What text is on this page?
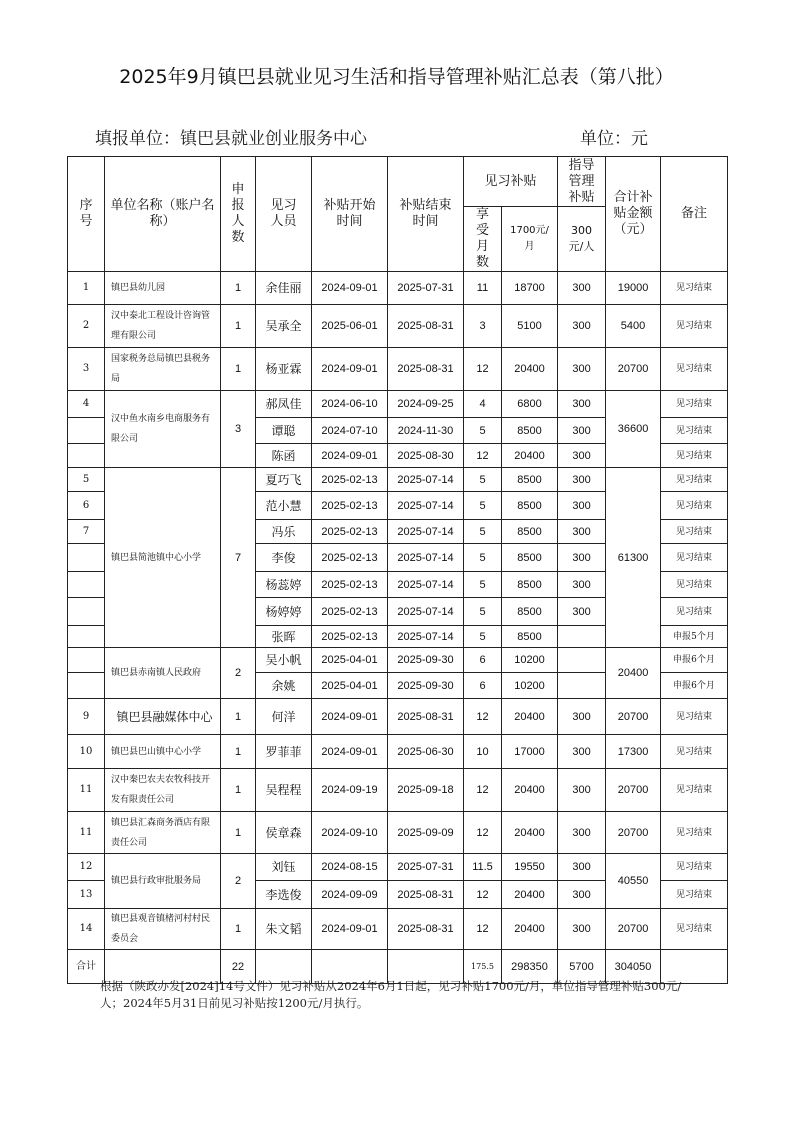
2025年9月镇巴县就业见习生活和指导管理补贴汇总表（第八批）
填报单位：镇巴县就业创业服务中心	单位：元
序号	单位名称（账户名称）	申报人数	见习人员	补贴开始时间	补贴结束时间	见习补贴		指导管理补贴	合计补贴金额（元）	备注
						享受月数	1700元/月	300元/人		
1	镇巴县幼儿园	1	余佳丽	2024-09-01	2025-07-31	11	18700	300	19000	见习结束
2	汉中泰北工程设计咨询管理有限公司	1	吴承全	2025-06-01	2025-08-31	3	5100	300	5400	见习结束
3	国家税务总局镇巴县税务局	1	杨亚霖	2024-09-01	2025-08-31	12	20400	300	20700	见习结束
4	汉中鱼水南乡电商服务有限公司	3	郝凤佳	2024-06-10	2024-09-25	4	6800	300	36600	见习结束
			谭聪	2024-07-10	2024-11-30	5	8500	300		见习结束
			陈函	2024-09-01	2025-08-30	12	20400	300		见习结束
5	镇巴县简池镇中心小学	7	夏巧飞	2025-02-13	2025-07-14	5	8500	300	61300	见习结束
6			范小慧	2025-02-13	2025-07-14	5	8500	300		见习结束
7			冯乐	2025-02-13	2025-07-14	5	8500	300		见习结束
			李俊	2025-02-13	2025-07-14	5	8500	300		见习结束
			杨蕊婷	2025-02-13	2025-07-14	5	8500	300		见习结束
			杨婷婷	2025-02-13	2025-07-14	5	8500	300		见习结束
			张晖	2025-02-13	2025-07-14	5	8500			申报5个月
	镇巴县赤南镇人民政府	2	吴小帆	2025-04-01	2025-09-30	6	10200		20400	申报6个月
			余姚	2025-04-01	2025-09-30	6	10200			申报6个月
9	镇巴县融媒体中心	1	何洋	2024-09-01	2025-08-31	12	20400	300	20700	见习结束
10	镇巴县巴山镇中心小学	1	罗菲菲	2024-09-01	2025-06-30	10	17000	300	17300	见习结束
11	汉中秦巴农夫农牧科技开发有限责任公司	1	吴程程	2024-09-19	2025-09-18	12	20400	300	20700	见习结束
11	镇巴县汇森商务酒店有限责任公司	1	侯章森	2024-09-10	2025-09-09	12	20400	300	20700	见习结束
12	镇巴县行政审批服务局	2	刘钰	2024-08-15	2025-07-31	11.5	19550	300	40550	见习结束
13			李选俊	2024-09-09	2025-08-31	12	20400	300		见习结束
14	镇巴县观音镇楮河村村民委员会	1	朱文韬	2024-09-01	2025-08-31	12	20400	300	20700	见习结束
合计		22				175.5	298350	5700	304050	
根据（陕政办发[2024]14号文件）见习补贴从2024年6月1日起，见习补贴1700元/月，单位指导管理补贴300元/人；2024年5月31日前见习补贴按1200元/月执行。
